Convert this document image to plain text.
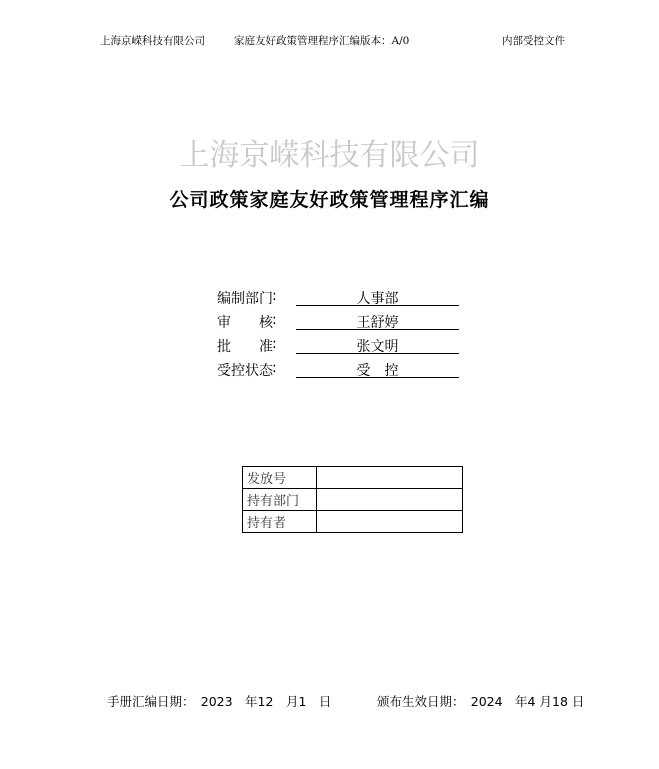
上海京嵘科技有限公司	家庭友好政策管理程序汇编版本：A/0	内部受控文件
上海京嵘科技有限公司
公司政策家庭友好政策管理程序汇编
编制部门 :	人事部
审　　核 :	王舒婷
批　　准 :	张文明
受控状态 :	受　控
发放号	
持有部门	
持有者	
手册汇编日期：　2023　年12　月1　日	颁布生效日期：　2024　年4 月18 日
